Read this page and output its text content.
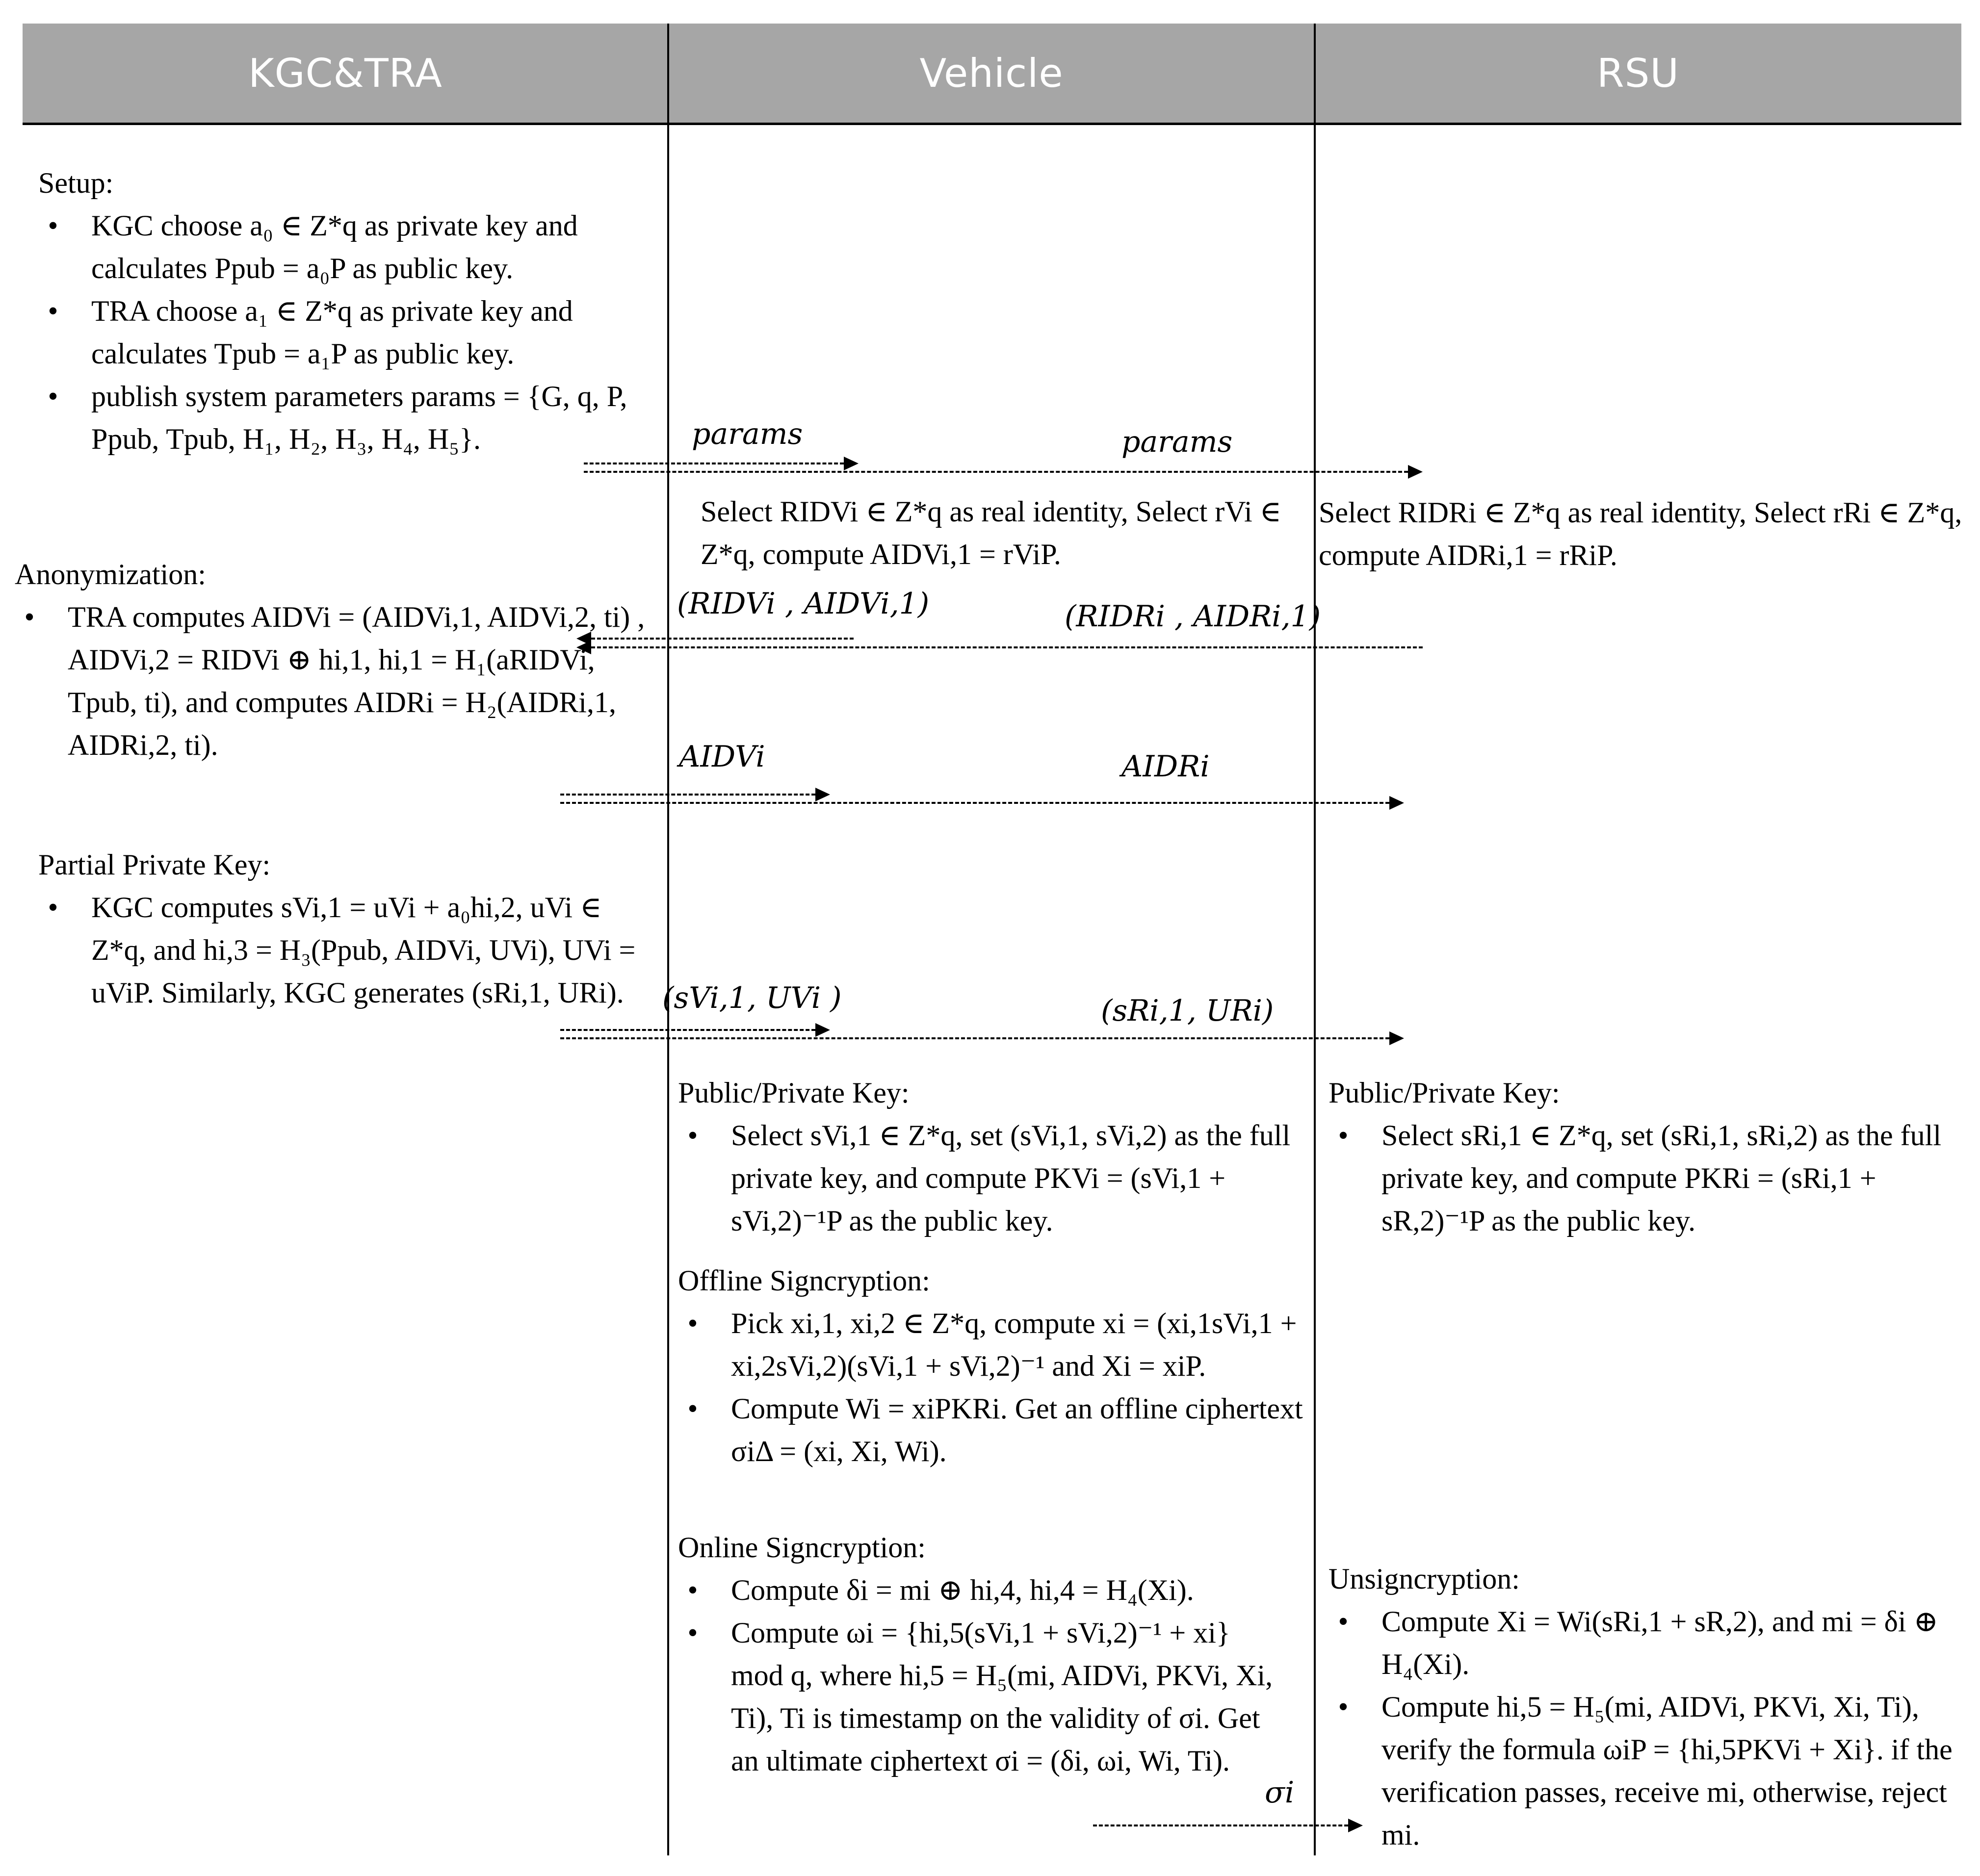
KGC&TRA	Vehicle	RSU
Setup:
•	KGC choose a₀ ∈ Z*q as private key and calculates Ppub = a₀P as public key.
•	TRA choose a₁ ∈ Z*q as private key and calculates Tpub = a₁P as public key.
•	publish system parameters params = {G, q, P, Ppub, Tpub, H₁, H₂, H₃, H₄, H₅}.
Anonymization:
•	TRA computes AIDVi = (AIDVi,1, AIDVi,2, ti) , AIDVi,2 = RIDVi ⊕ hi,1, hi,1 = H₁(aRIDVi, Tpub, ti), and computes AIDRi = H₂(AIDRi,1, AIDRi,2, ti).
Partial Private Key:
•	KGC computes sVi,1 = uVi + a₀hi,2, uVi ∈ Z*q, and hi,3 = H₃(Ppub, AIDVi, UVi), UVi = uViP. Similarly, KGC generates (sRi,1, URi).
Select RIDVi ∈ Z*q as real identity, Select rVi ∈ Z*q, compute AIDVi,1 = rViP.
Select RIDRi ∈ Z*q as real identity, Select rRi ∈ Z*q, compute AIDRi,1 = rRiP.
Public/Private Key:
•	Select sVi,1 ∈ Z*q, set (sVi,1, sVi,2) as the full private key, and compute PKVi = (sVi,1 + sVi,2)⁻¹P as the public key.
Public/Private Key:
•	Select sRi,1 ∈ Z*q, set (sRi,1, sRi,2) as the full private key, and compute PKRi = (sRi,1 + sR,2)⁻¹P as the public key.
Offline Signcryption:
•	Pick xi,1, xi,2 ∈ Z*q, compute xi = (xi,1sVi,1 + xi,2sVi,2)(sVi,1 + sVi,2)⁻¹ and Xi = xiP.
•	Compute Wi = xiPKRi. Get an offline ciphertext σiΔ = (xi, Xi, Wi).
Online Signcryption:
•	Compute δi = mi ⊕ hi,4, hi,4 = H₄(Xi).
•	Compute ωi = {hi,5(sVi,1 + sVi,2)⁻¹ + xi} mod q, where hi,5 = H₅(mi, AIDVi, PKVi, Xi, Ti), Ti is timestamp on the validity of σi. Get an ultimate ciphertext σi = (δi, ωi, Wi, Ti).
Unsigncryption:
•	Compute Xi = Wi(sRi,1 + sR,2), and mi = δi ⊕ H₄(Xi).
•	Compute hi,5 = H₅(mi, AIDVi, PKVi, Xi, Ti), verify the formula ωiP = {hi,5PKVi + Xi}. if the verification passes, receive mi, otherwise, reject mi.
params	params
(RIDVi , AIDVi,1)	(RIDRi , AIDRi,1)
AIDVi	AIDRi
(sVi,1, UVi )	(sRi,1, URi)
σi
